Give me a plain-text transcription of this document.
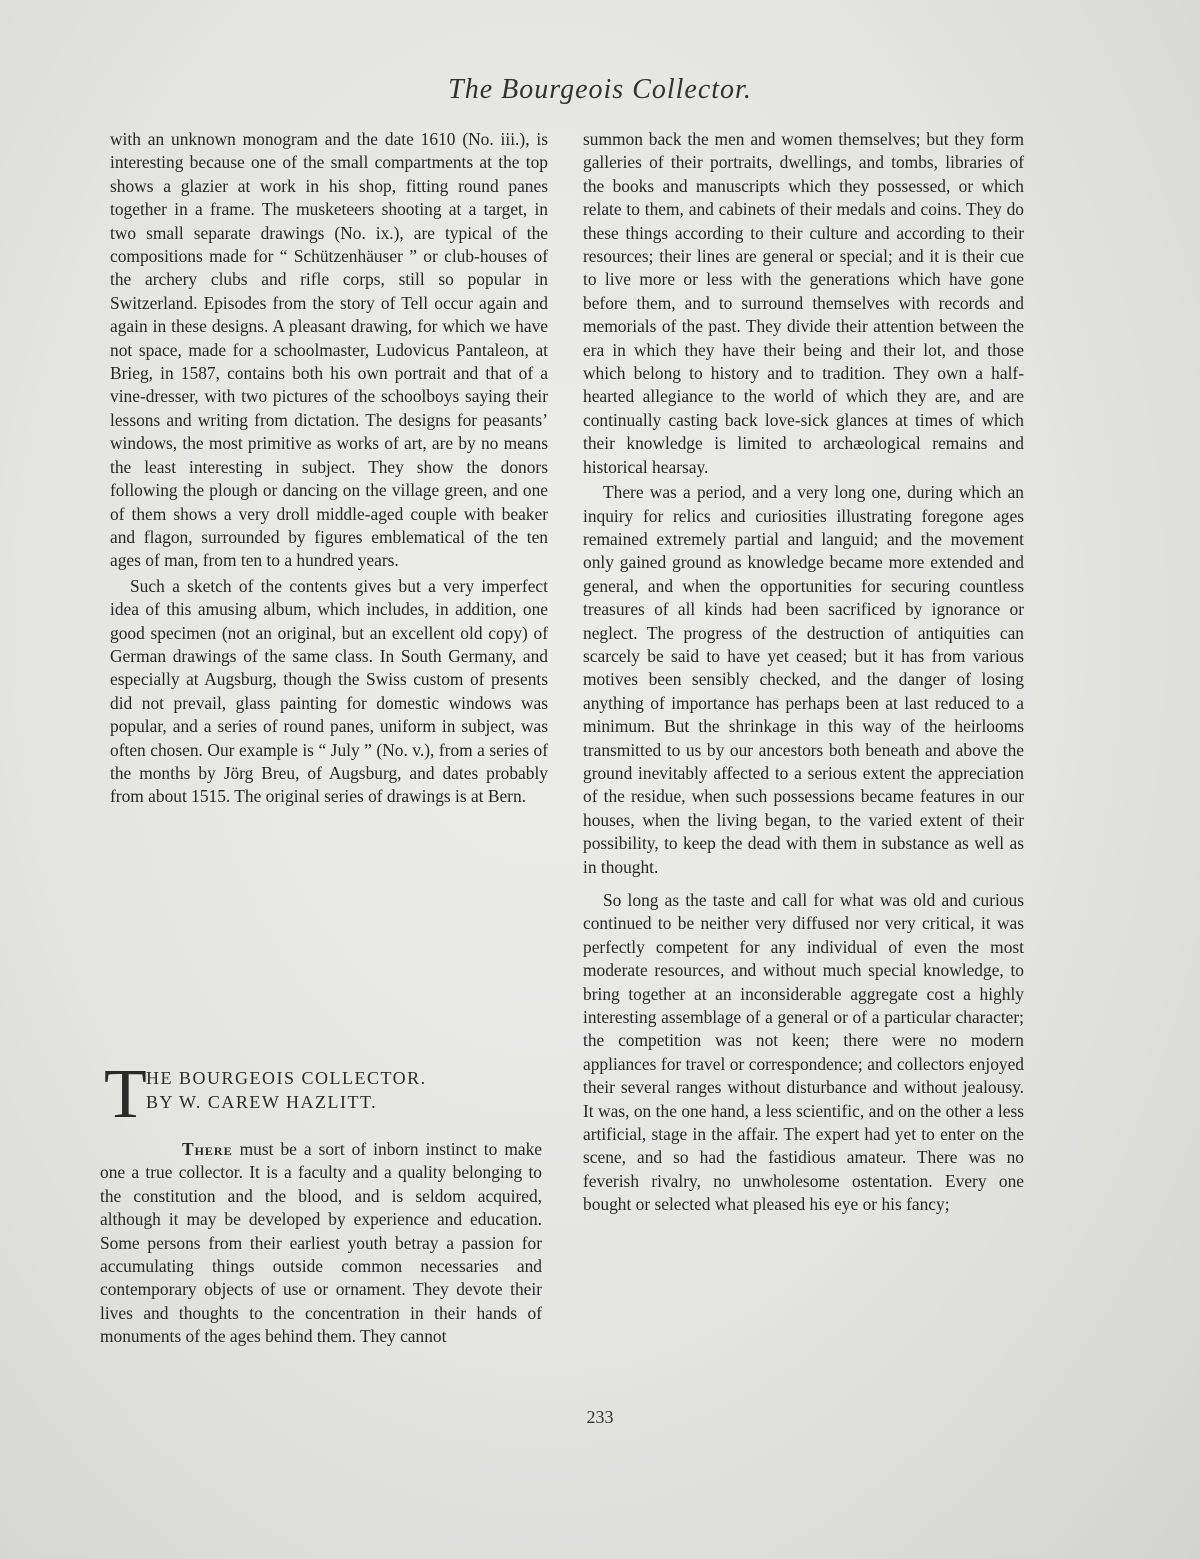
The Bourgeois Collector.

with an unknown monogram and the date 1610 (No. iii.), is interesting because one of the small compartments at the top shows a glazier at work in his shop, fitting round panes together in a frame. The musketeers shooting at a target, in two small separate drawings (No. ix.), are typical of the compositions made for “ Schützenhäuser ” or club-houses of the archery clubs and rifle corps, still so popular in Switzerland. Episodes from the story of Tell occur again and again in these designs. A pleasant drawing, for which we have not space, made for a schoolmaster, Ludovicus Pantaleon, at Brieg, in 1587, contains both his own portrait and that of a vine-dresser, with two pictures of the schoolboys saying their lessons and writing from dictation. The designs for peasants’ windows, the most primitive as works of art, are by no means the least interesting in subject. They show the donors following the plough or dancing on the village green, and one of them shows a very droll middle-aged couple with beaker and flagon, surrounded by figures emblematical of the ten ages of man, from ten to a hundred years.

Such a sketch of the contents gives but a very imperfect idea of this amusing album, which includes, in addition, one good specimen (not an original, but an excellent old copy) of German drawings of the same class. In South Germany, and especially at Augsburg, though the Swiss custom of presents did not prevail, glass painting for domestic windows was popular, and a series of round panes, uniform in subject, was often chosen. Our example is “ July ” (No. v.), from a series of the months by Jörg Breu, of Augsburg, and dates probably from about 1515. The original series of drawings is at Bern.

T HE BOURGEOIS COLLECTOR.
BY W. CAREW HAZLITT.

There must be a sort of inborn instinct to make one a true collector. It is a faculty and a quality belonging to the constitution and the blood, and is seldom acquired, although it may be developed by experience and education. Some persons from their earliest youth betray a passion for accumulating things outside common necessaries and contemporary objects of use or ornament. They devote their lives and thoughts to the concentration in their hands of monuments of the ages behind them. They cannot

summon back the men and women themselves; but they form galleries of their portraits, dwellings, and tombs, libraries of the books and manuscripts which they possessed, or which relate to them, and cabinets of their medals and coins. They do these things according to their culture and according to their resources; their lines are general or special; and it is their cue to live more or less with the generations which have gone before them, and to surround themselves with records and memorials of the past. They divide their attention between the era in which they have their being and their lot, and those which belong to history and to tradition. They own a half-hearted allegiance to the world of which they are, and are continually casting back love-sick glances at times of which their knowledge is limited to archæological remains and historical hearsay.

There was a period, and a very long one, during which an inquiry for relics and curiosities illustrating foregone ages remained extremely partial and languid; and the movement only gained ground as knowledge became more extended and general, and when the opportunities for securing countless treasures of all kinds had been sacrificed by ignorance or neglect. The progress of the destruction of antiquities can scarcely be said to have yet ceased; but it has from various motives been sensibly checked, and the danger of losing anything of importance has perhaps been at last reduced to a minimum. But the shrinkage in this way of the heirlooms transmitted to us by our ancestors both beneath and above the ground inevitably affected to a serious extent the appreciation of the residue, when such possessions became features in our houses, when the living began, to the varied extent of their possibility, to keep the dead with them in substance as well as in thought.

So long as the taste and call for what was old and curious continued to be neither very diffused nor very critical, it was perfectly competent for any individual of even the most moderate resources, and without much special knowledge, to bring together at an inconsiderable aggregate cost a highly interesting assemblage of a general or of a particular character; the competition was not keen; there were no modern appliances for travel or correspondence; and collectors enjoyed their several ranges without disturbance and without jealousy. It was, on the one hand, a less scientific, and on the other a less artificial, stage in the affair. The expert had yet to enter on the scene, and so had the fastidious amateur. There was no feverish rivalry, no unwholesome ostentation. Every one bought or selected what pleased his eye or his fancy;

233
